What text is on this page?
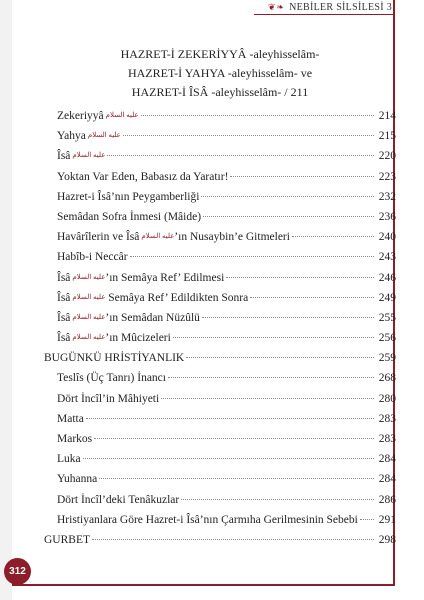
❦❧ NEBİLER SİLSİLESİ 3
HAZRET-İ ZEKERİYYÂ -aleyhisselâm-
HAZRET-İ YAHYA -aleyhisselâm- ve
HAZRET-İ ÎSÂ -aleyhisselâm- / 211
Zekeriyyâ عليه السلام	214
Yahya عليه السلام	215
Îsâ عليه السلام	220
Yoktan Var Eden, Babasız da Yaratır!	223
Hazret-i Îsâ’nın Peygamberliği	232
Semâdan Sofra İnmesi (Mâide)	236
Havârîlerin ve Îsâ عليه السلام’ın Nusaybin’e Gitmeleri	240
Habîb-i Neccâr	243
Îsâ عليه السلام’ın Semâya Ref’ Edilmesi	246
Îsâ عليه السلام Semâya Ref’ Edildikten Sonra	249
Îsâ عليه السلام’ın Semâdan Nüzûlü	255
Îsâ عليه السلام’ın Mûcizeleri	256
BUGÜNKÜ HRİSTİYANLIK	259
Teslîs (Üç Tanrı) İnancı	268
Dört İncîl’in Mâhiyeti	280
Matta	283
Markos	283
Luka	284
Yuhanna	284
Dört İncîl’deki Tenâkuzlar	286
Hristiyanlara Göre Hazret-i Îsâ’nın Çarmıha Gerilmesinin Sebebi 291
GURBET	298
312
